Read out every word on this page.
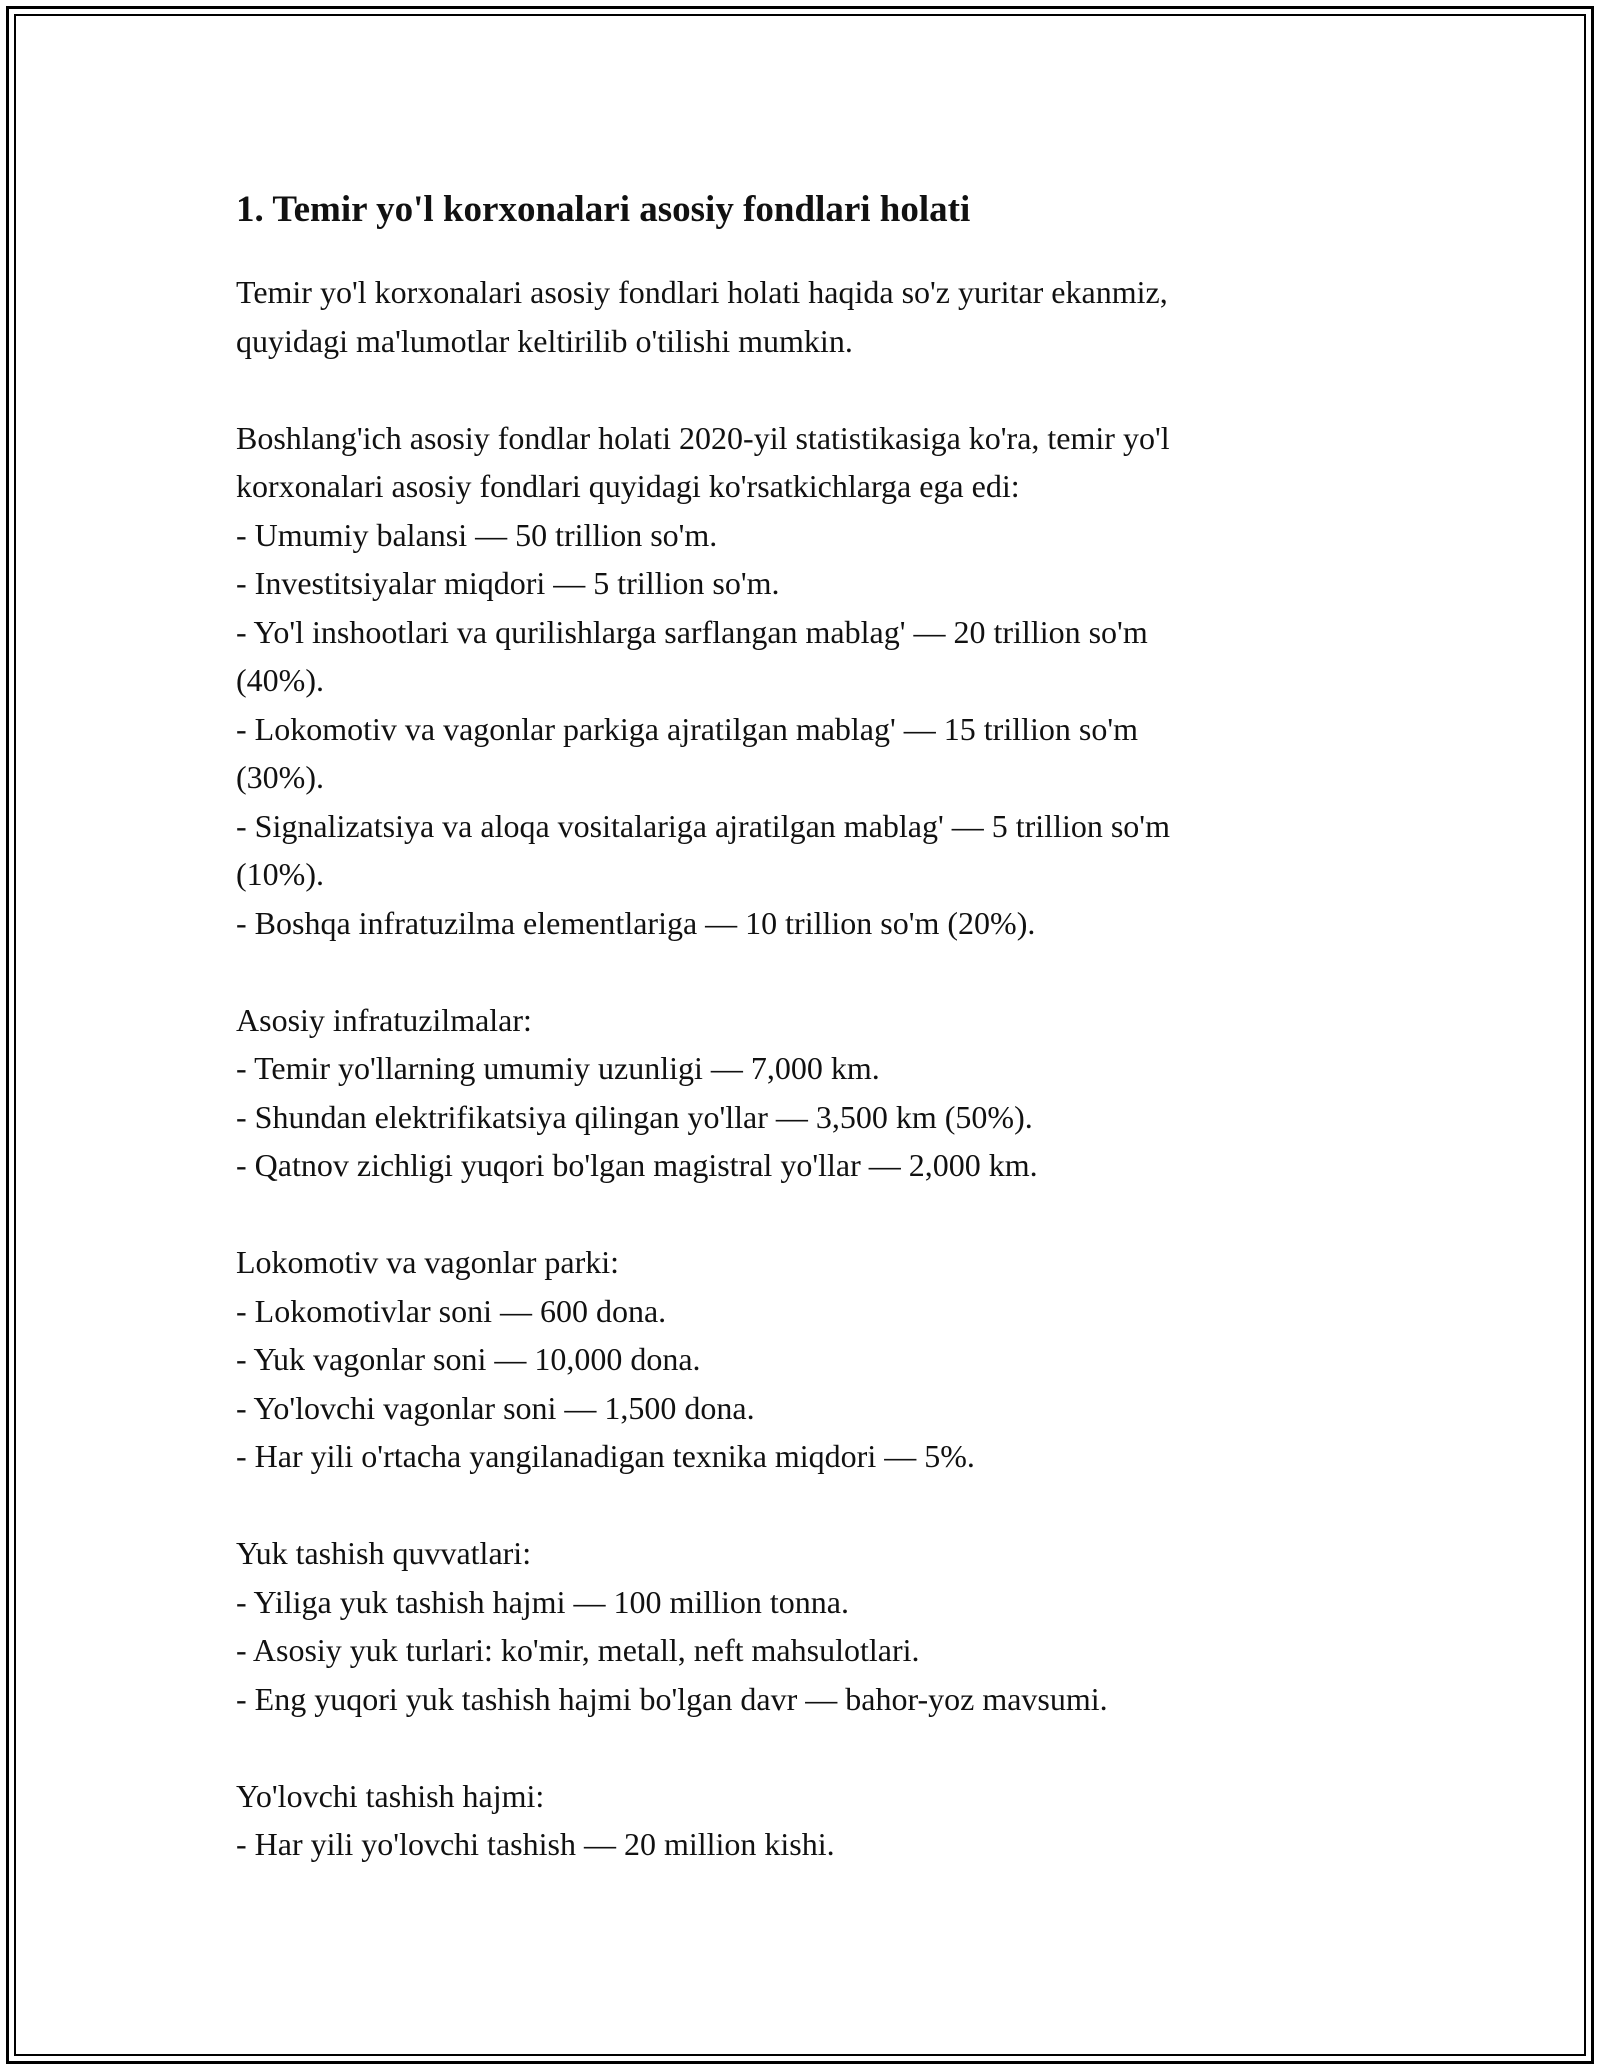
1. Temir yo'l korxonalari asosiy fondlari holati
Temir yo'l korxonalari asosiy fondlari holati haqida so'z yuritar ekanmiz,
quyidagi ma'lumotlar keltirilib o'tilishi mumkin.
Boshlang'ich asosiy fondlar holati 2020-yil statistikasiga ko'ra, temir yo'l
korxonalari asosiy fondlari quyidagi ko'rsatkichlarga ega edi:
- Umumiy balansi — 50 trillion so'm.
- Investitsiyalar miqdori — 5 trillion so'm.
- Yo'l inshootlari va qurilishlarga sarflangan mablag' — 20 trillion so'm
(40%).
- Lokomotiv va vagonlar parkiga ajratilgan mablag' — 15 trillion so'm
(30%).
- Signalizatsiya va aloqa vositalariga ajratilgan mablag' — 5 trillion so'm
(10%).
- Boshqa infratuzilma elementlariga — 10 trillion so'm (20%).
Asosiy infratuzilmalar:
- Temir yo'llarning umumiy uzunligi — 7,000 km.
- Shundan elektrifikatsiya qilingan yo'llar — 3,500 km (50%).
- Qatnov zichligi yuqori bo'lgan magistral yo'llar — 2,000 km.
Lokomotiv va vagonlar parki:
- Lokomotivlar soni — 600 dona.
- Yuk vagonlar soni — 10,000 dona.
- Yo'lovchi vagonlar soni — 1,500 dona.
- Har yili o'rtacha yangilanadigan texnika miqdori — 5%.
Yuk tashish quvvatlari:
- Yiliga yuk tashish hajmi — 100 million tonna.
- Asosiy yuk turlari: ko'mir, metall, neft mahsulotlari.
- Eng yuqori yuk tashish hajmi bo'lgan davr — bahor-yoz mavsumi.
Yo'lovchi tashish hajmi:
- Har yili yo'lovchi tashish — 20 million kishi.
